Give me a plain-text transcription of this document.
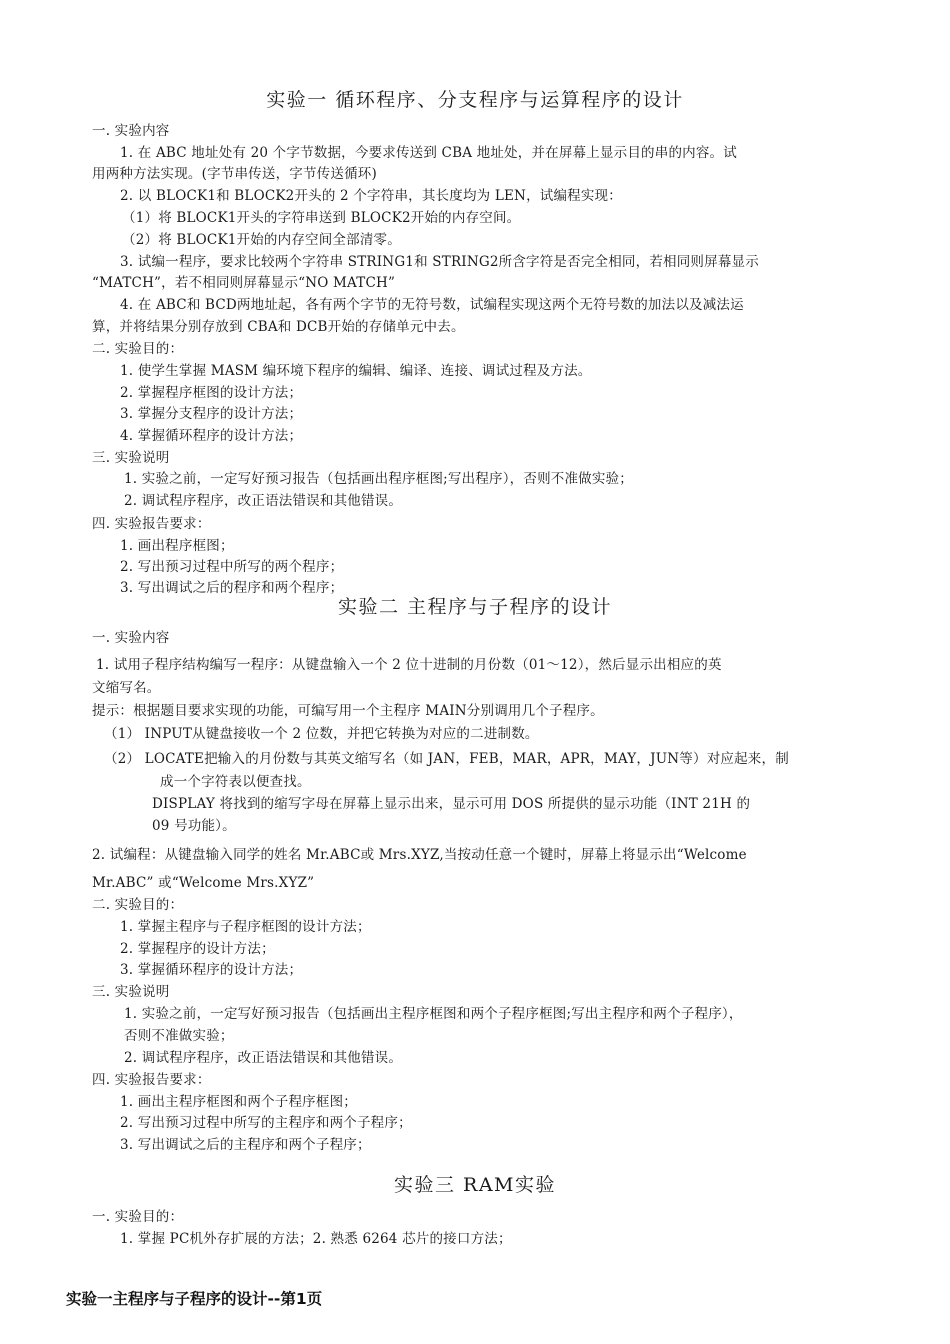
实验一 循环程序、分支程序与运算程序的设计
一. 实验内容
1. 在 ABC 地址处有 20 个字节数据，今要求传送到 CBA 地址处，并在屏幕上显示目的串的内容。试
用两种方法实现。(字节串传送，字节传送循环)
2. 以 BLOCK1和 BLOCK2开头的 2 个字符串，其长度均为 LEN，试编程实现：
（1）将 BLOCK1开头的字符串送到 BLOCK2开始的内存空间。
（2）将 BLOCK1开始的内存空间全部清零。
3. 试编一程序，要求比较两个字符串 STRING1和 STRING2所含字符是否完全相同，若相同则屏幕显示
“MATCH”，若不相同则屏幕显示“NO MATCH”
4. 在 ABC和 BCD两地址起，各有两个字节的无符号数，试编程实现这两个无符号数的加法以及减法运
算，并将结果分别存放到 CBA和 DCB开始的存储单元中去。
二. 实验目的：
1. 使学生掌握 MASM 编环境下程序的编辑、编译、连接、调试过程及方法。
2. 掌握程序框图的设计方法；
3. 掌握分支程序的设计方法；
4. 掌握循环程序的设计方法；
三. 实验说明
1. 实验之前，一定写好预习报告（包括画出程序框图;写出程序），否则不准做实验；
2. 调试程序程序，改正语法错误和其他错误。
四. 实验报告要求：
1. 画出程序框图；
2. 写出预习过程中所写的两个程序；
3. 写出调试之后的程序和两个程序；
实验二 主程序与子程序的设计
一. 实验内容
1. 试用子程序结构编写一程序：从键盘输入一个 2 位十进制的月份数（01～12），然后显示出相应的英
文缩写名。
提示：根据题目要求实现的功能，可编写用一个主程序 MAIN分别调用几个子程序。
（1） INPUT从键盘接收一个 2 位数，并把它转换为对应的二进制数。
（2） LOCATE把输入的月份数与其英文缩写名（如 JAN，FEB，MAR，APR，MAY，JUN等）对应起来，制
成一个字符表以便查找。
DISPLAY 将找到的缩写字母在屏幕上显示出来，显示可用 DOS 所提供的显示功能（INT 21H 的
09 号功能）。
2. 试编程：从键盘输入同学的姓名 Mr.ABC或 Mrs.XYZ,当按动任意一个键时，屏幕上将显示出“Welcome
Mr.ABC” 或“Welcome Mrs.XYZ”
二. 实验目的：
1. 掌握主程序与子程序框图的设计方法；
2. 掌握程序的设计方法；
3. 掌握循环程序的设计方法；
三. 实验说明
1. 实验之前，一定写好预习报告（包括画出主程序框图和两个子程序框图;写出主程序和两个子程序），
否则不准做实验；
2. 调试程序程序，改正语法错误和其他错误。
四. 实验报告要求：
1. 画出主程序框图和两个子程序框图；
2. 写出预习过程中所写的主程序和两个子程序；
3. 写出调试之后的主程序和两个子程序；
实验三 RAM实验
一. 实验目的：
1. 掌握 PC机外存扩展的方法；2. 熟悉 6264 芯片的接口方法；
实验一主程序与子程序的设计--第1页
